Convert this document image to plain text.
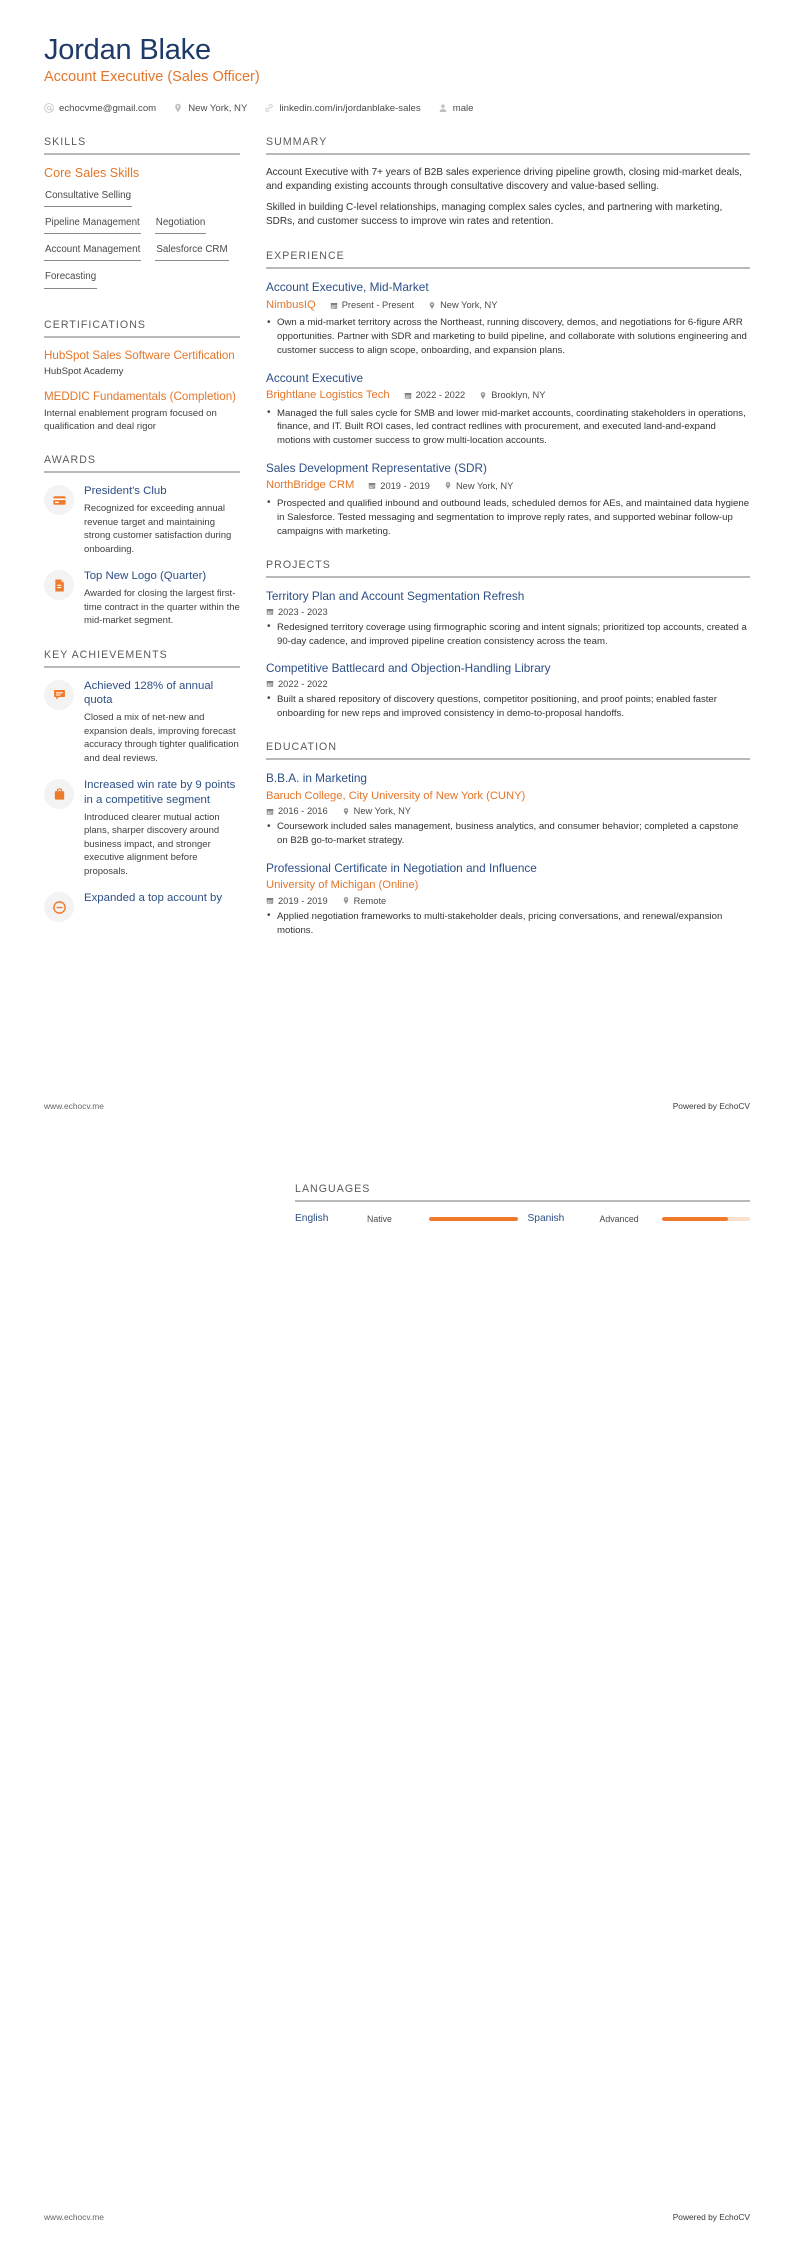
Jordan Blake
Account Executive (Sales Officer)
echocvme@gmail.com	New York, NY	linkedin.com/in/jordanblake-sales	male
SKILLS
Core Sales Skills
Consultative Selling
Pipeline Management Negotiation
Account Management Salesforce CRM
Forecasting
CERTIFICATIONS
HubSpot Sales Software Certification
HubSpot Academy
MEDDIC Fundamentals (Completion)
Internal enablement program focused on qualification and deal rigor
AWARDS
President's Club
Recognized for exceeding annual revenue target and maintaining strong customer satisfaction during onboarding.
Top New Logo (Quarter)
Awarded for closing the largest first-time contract in the quarter within the mid-market segment.
KEY ACHIEVEMENTS
Achieved 128% of annual quota
Closed a mix of net-new and expansion deals, improving forecast accuracy through tighter qualification and deal reviews.
Increased win rate by 9 points in a competitive segment
Introduced clearer mutual action plans, sharper discovery around business impact, and stronger executive alignment before proposals.
Expanded a top account by
SUMMARY

Account Executive with 7+ years of B2B sales experience driving pipeline growth, closing mid-market deals, and expanding existing accounts through consultative discovery and value-based selling.

Skilled in building C-level relationships, managing complex sales cycles, and partnering with marketing, SDRs, and customer success to improve win rates and retention.

EXPERIENCE
Account Executive, Mid-Market
NimbusIQ	Present - Present	New York, NY
• Own a mid-market territory across the Northeast, running discovery, demos, and negotiations for 6-figure ARR opportunities. Partner with SDR and marketing to build pipeline, and collaborate with solutions engineering and customer success to align scope, onboarding, and expansion plans.
Account Executive
Brightlane Logistics Tech	2022 - 2022	Brooklyn, NY
• Managed the full sales cycle for SMB and lower mid-market accounts, coordinating stakeholders in operations, finance, and IT. Built ROI cases, led contract redlines with procurement, and executed land-and-expand motions with customer success to grow multi-location accounts.
Sales Development Representative (SDR)
NorthBridge CRM	2019 - 2019	New York, NY
• Prospected and qualified inbound and outbound leads, scheduled demos for AEs, and maintained data hygiene in Salesforce. Tested messaging and segmentation to improve reply rates, and supported webinar follow-up campaigns with marketing.
PROJECTS
Territory Plan and Account Segmentation Refresh
2023 - 2023
• Redesigned territory coverage using firmographic scoring and intent signals; prioritized top accounts, created a 90-day cadence, and improved pipeline creation consistency across the team.
Competitive Battlecard and Objection-Handling Library
2022 - 2022
• Built a shared repository of discovery questions, competitor positioning, and proof points; enabled faster onboarding for new reps and improved consistency in demo-to-proposal handoffs.
EDUCATION
B.B.A. in Marketing
Baruch College, City University of New York (CUNY)
2016 - 2016	New York, NY
• Coursework included sales management, business analytics, and consumer behavior; completed a capstone on B2B go-to-market strategy.
Professional Certificate in Negotiation and Influence
University of Michigan (Online)
2019 - 2019	Remote
• Applied negotiation frameworks to multi-stakeholder deals, pricing conversations, and renewal/expansion motions.
www.echocv.me	Powered by EchoCV
LANGUAGES
English	Native	Spanish	Advanced
www.echocv.me	Powered by EchoCV
